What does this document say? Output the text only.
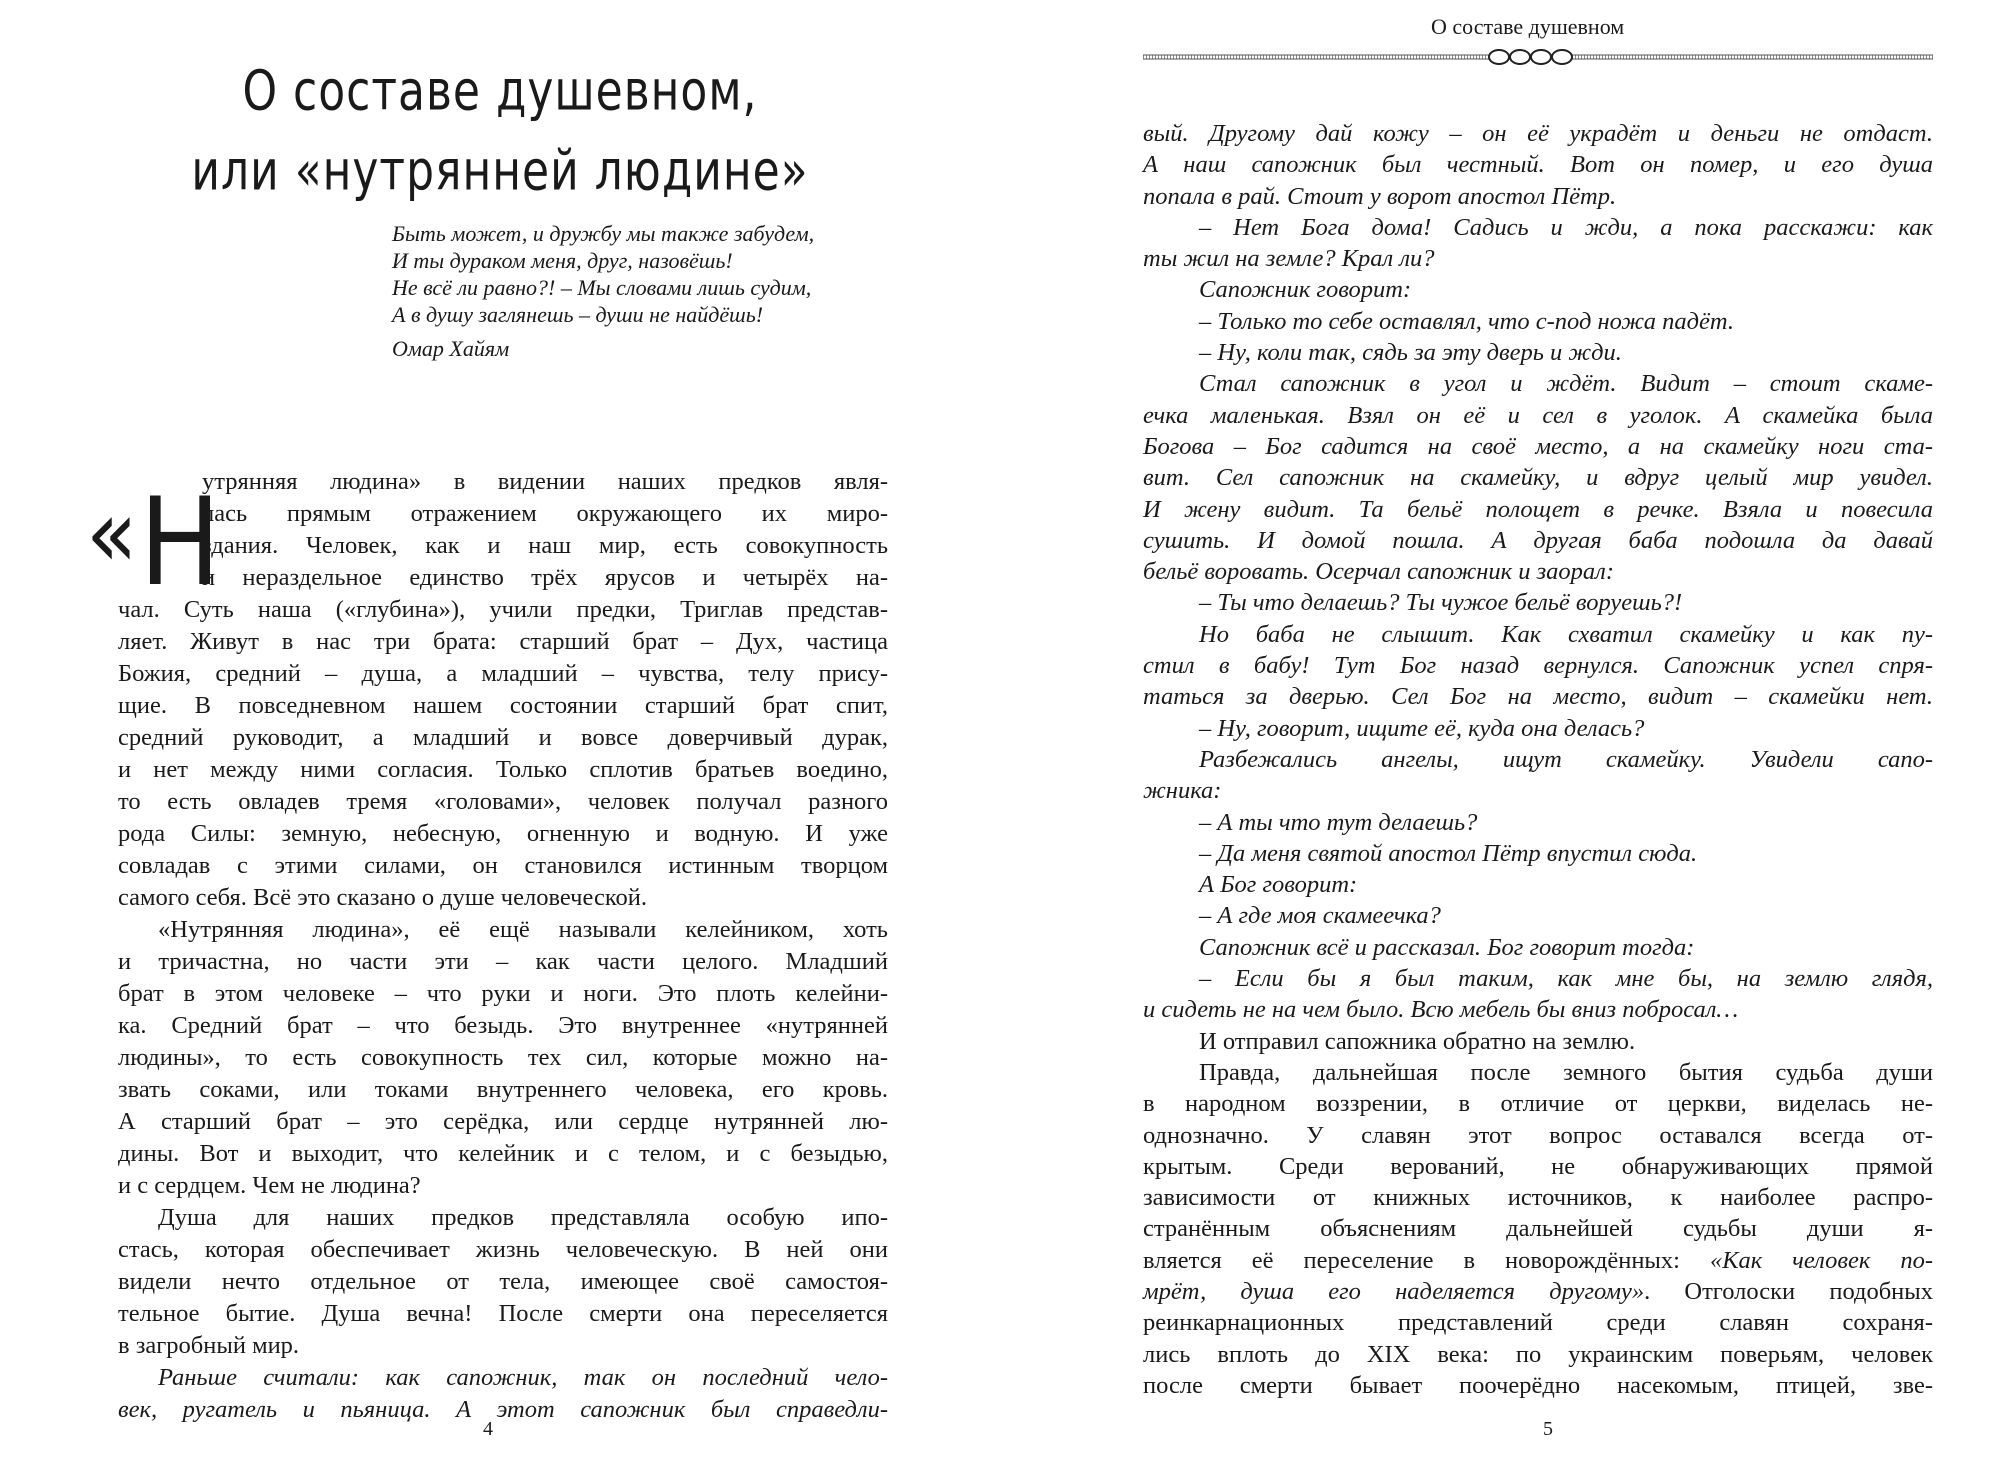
О составе душевном,
или «нутрянней людине»
Быть может, и дружбу мы также забудем,
И ты дураком меня, друг, назовёшь!
Не всё ли равно?! – Мы словами лишь судим,
А в душу заглянешь – души не найдёшь!
Омар Хайям
«Н
утрянняя людина» в видении наших предков явля-
лась прямым отражением окружающего их миро-
здания. Человек, как и наш мир, есть совокупность
и нераздельное единство трёх ярусов и четырёх на-
чал. Суть наша («глубина»), учили предки, Триглав представ-
ляет. Живут в нас три брата: старший брат – Дух, частица
Божия, средний – душа, а младший – чувства, телу прису-
щие. В повседневном нашем состоянии старший брат спит,
средний руководит, а младший и вовсе доверчивый дурак,
и нет между ними согласия. Только сплотив братьев воедино,
то есть овладев тремя «головами», человек получал разного
рода Силы: земную, небесную, огненную и водную. И уже
совладав с этими силами, он становился истинным творцом
самого себя. Всё это сказано о душе человеческой.
«Нутрянняя людина», её ещё называли келейником, хоть
и тричастна, но части эти – как части целого. Младший
брат в этом человеке – что руки и ноги. Это плоть келейни-
ка. Средний брат – что безыдь. Это внутреннее «нутрянней
людины», то есть совокупность тех сил, которые можно на-
звать соками, или токами внутреннего человека, его кровь.
А старший брат – это серёдка, или сердце нутрянней лю-
дины. Вот и выходит, что келейник и с телом, и с безыдью,
и с сердцем. Чем не людина?
Душа для наших предков представляла особую ипо-
стась, которая обеспечивает жизнь человеческую. В ней они
видели нечто отдельное от тела, имеющее своё самостоя-
тельное бытие. Душа вечна! После смерти она переселяется
в загробный мир.
Раньше считали: как сапожник, так он последний чело-
век, ругатель и пьяница. А этот сапожник был справедли-
4
О составе душевном
вый. Другому дай кожу – он её украдёт и деньги не отдаст.
А наш сапожник был честный. Вот он помер, и его душа
попала в рай. Стоит у ворот апостол Пётр.
– Нет Бога дома! Садись и жди, а пока расскажи: как
ты жил на земле? Крал ли?
Сапожник говорит:
– Только то себе оставлял, что с-под ножа падёт.
– Ну, коли так, сядь за эту дверь и жди.
Стал сапожник в угол и ждёт. Видит – стоит скаме-
ечка маленькая. Взял он её и сел в уголок. А скамейка была
Богова – Бог садится на своё место, а на скамейку ноги ста-
вит. Сел сапожник на скамейку, и вдруг целый мир увидел.
И жену видит. Та бельё полощет в речке. Взяла и повесила
сушить. И домой пошла. А другая баба подошла да давай
бельё воровать. Осерчал сапожник и заорал:
– Ты что делаешь? Ты чужое бельё воруешь?!
Но баба не слышит. Как схватил скамейку и как пу-
стил в бабу! Тут Бог назад вернулся. Сапожник успел спря-
таться за дверью. Сел Бог на место, видит – скамейки нет.
– Ну, говорит, ищите её, куда она делась?
Разбежались ангелы, ищут скамейку. Увидели сапо-
жника:
– А ты что тут делаешь?
– Да меня святой апостол Пётр впустил сюда.
А Бог говорит:
– А где моя скамеечка?
Сапожник всё и рассказал. Бог говорит тогда:
– Если бы я был таким, как мне бы, на землю глядя,
и сидеть не на чем было. Всю мебель бы вниз побросал…
И отправил сапожника обратно на землю.
Правда, дальнейшая после земного бытия судьба души
в народном воззрении, в отличие от церкви, виделась не-
однозначно. У славян этот вопрос оставался всегда от-
крытым. Среди верований, не обнаруживающих прямой
зависимости от книжных источников, к наиболее распро-
странённым объяснениям дальнейшей судьбы души я-
вляется её переселение в новорождённых: «Как человек по-
мрёт, душа его наделяется другому». Отголоски подобных
реинкарнационных представлений среди славян сохраня-
лись вплоть до XIX века: по украинским поверьям, человек
после смерти бывает поочерёдно насекомым, птицей, зве-
5
